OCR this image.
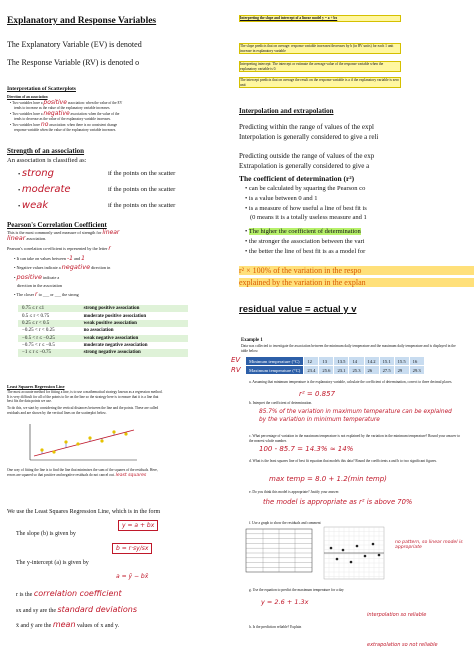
Explanatory and Response Variables
The Explanatory Variable (EV) is denoted
The Response Variable (RV) is denoted o
Interpretation of Scatterplots
Direction of an association
• Two variables have a positive association: when the value of the EV
tends to increase as the value of the explanatory variable increases.
• Two variables have a negative association: when the value of the
tends to decrease as the value of the explanatory variable increases.
• Two variables have no association: when there is no consistent change
response variable when the value of the explanatory variable increases.
Strength of an association
An association is classified as:
• strong	if the points on the scatter
• moderate	if the points on the scatter
• weak	if the points on the scatter
Pearson's Correlation Coefficient
This is the most commonly used measure of strength for linear
linear association.
Pearson's correlation co-efficient is represented by the letter r
• It can take on values between -1 and 1
• Negative values indicate a negative direction in
• positive indicate a
direction in the association
• The closer r to ___ or ___ the strong
0.75 ≤ r ≤1	strong positive association
0.5 ≤ r < 0.75	moderate positive association
0.25 ≤ r < 0.5	weak positive association
−0.25 < r < 0.25	no association
−0.5 < r ≤ −0.25	weak negative association
−0.75 < r ≤ −0.5	moderate negative association
−1 ≤ r ≤ −0.75	strong negative association
Least Squares Regression Line
The most accurate method for fitting a line, is to use a mathematical strategy known as a regression method. It is very difficult for all of the points to lie on the line so the strategy here is to ensure that it is a line that best fits the data points we use.
To do this, we start by considering the vertical distances between the line and the points. These are called residuals and are shown by the vertical lines on the scatterplot below.
One way of fitting the line is to find the line that minimises the sum of the squares of the residuals. Here, errors are squared so that positive and negative residuals do not cancel out. least squares
We use the Least Squares Regression Line, which is in the form
y = a + bx
The slope (b) is given by
b = r·sy/sx
The y-intercept (a) is given by
a = ȳ − bx̄
r is the correlation coefficient
sx and sy are the standard deviations
x̄ and ȳ are the mean values of x and y.
Interpreting the slope and intercept of a linear model y = a + bx
The slope predicts that on average: response variable increases/decreases by b (in RV units) for each 1 unit increase in explanatory variable
Interpreting intercept: The intercept or estimate the average value of the response variable when the explanatory variable is 0.
The intercept predicts that on average the result on the response variable is a if the explanatory variable is zero unit
Interpolation and extrapolation
Predicting within the range of values of the expl
Interpolation is generally considered to give a reli
Predicting outside the range of values of the exp
Extrapolation is generally considered to give a
The coefficient of determination (r²)
• can be calculated by squaring the Pearson co
• is a value between 0 and 1
• is a measure of how useful a line of best fit is
(0 means it is a totally useless measure and 1
• The higher the coefficient of determination
• the stronger the association between the vari
• the better the line of best fit is as a model for
r² × 100% of the variation in the respo
explained by the variation in the explan
residual value = actual y v
Example 1
Data was collected to investigate the association between the minimum daily temperature and the maximum daily temperature and is displayed in the table below.
EV
RV
Minimum temperature (°C)	12	13	13.5	14	14.2	15.1	15.5	16
Maximum temperature (°C)	23.4	25.6	23.1	25.3	26	27.5	29	29.3
a. Assuming that minimum temperature is the explanatory variable, calculate the coefficient of determination, correct to three decimal places.
r² = 0.857
b. Interpret the coefficient of determination.
85.7% of the variation in maximum temperature can be explained by the variation in minimum temperature
c. What percentage of variation in the maximum temperature is not explained by the variation in the minimum temperature? Round your answer to the nearest whole number.
100 - 85.7 = 14.3% ≈ 14%
d. What is the least squares line of best fit equation that models this data? Round the coefficients a and b to two significant figures.
max temp = 8.0 + 1.2(min temp)
e. Do you think this model is appropriate? Justify your answer.
the model is appropriate as r² is above 70%
f. Use a graph to show the residuals and comment
no pattern, so linear model is appropriate
g. Use the equation to predict the maximum temperature for a day
y = 2.6 + 1.3x
h. Is the prediction reliable? Explain
interpolation so reliable
extrapolation so not reliable
